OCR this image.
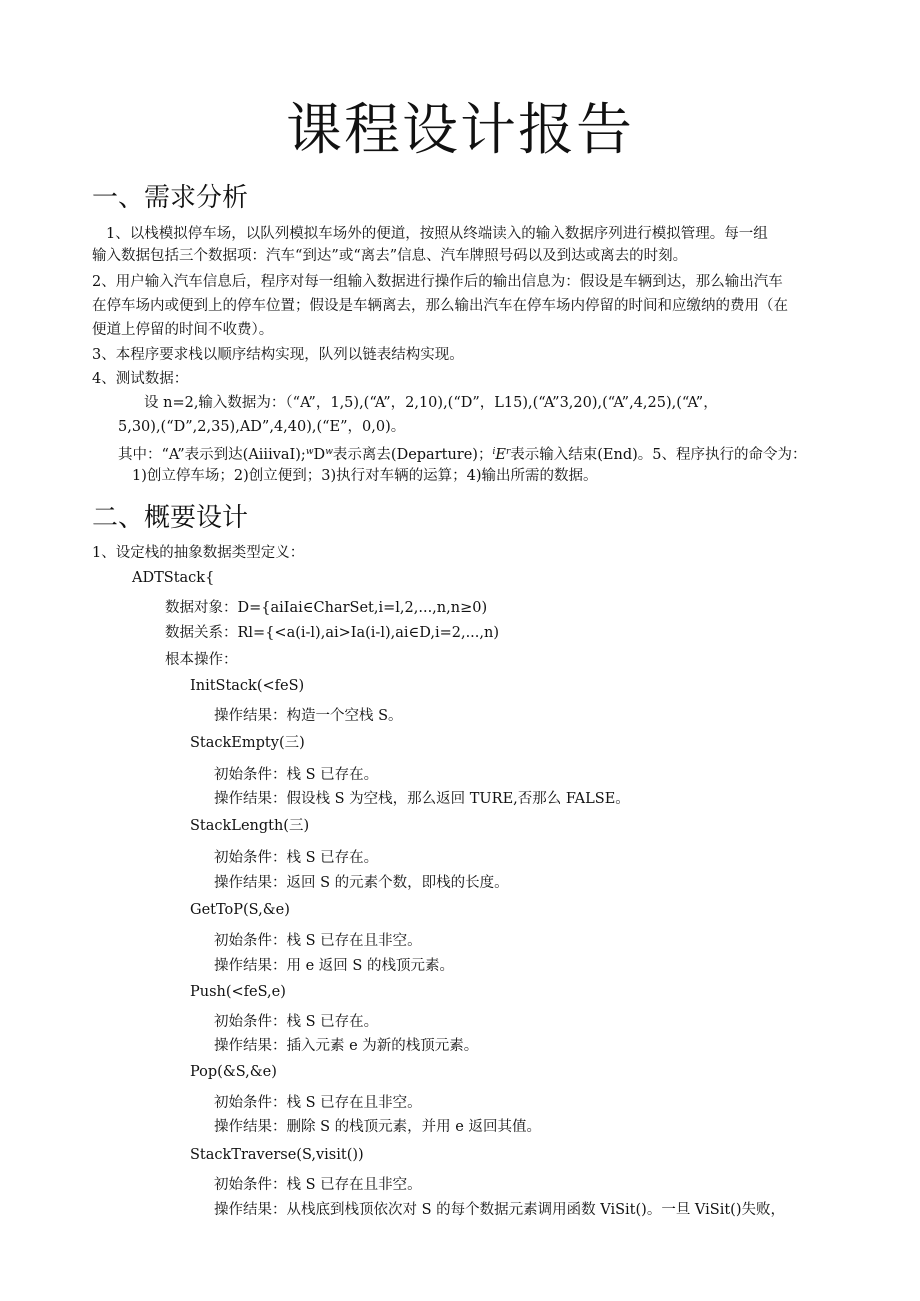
课程设计报告
一、需求分析
1、以栈模拟停车场，以队列模拟车场外的便道，按照从终端读入的输入数据序列进行模拟管理。每一组
输入数据包括三个数据项：汽车“到达”或“离去”信息、汽车牌照号码以及到达或离去的时刻。
2、用户输入汽车信息后，程序对每一组输入数据进行操作后的输出信息为：假设是车辆到达，那么输出汽车
在停车场内或便到上的停车位置；假设是车辆离去，那么输出汽车在停车场内停留的时间和应缴纳的费用（在
便道上停留的时间不收费）。
3、本程序要求栈以顺序结构实现，队列以链表结构实现。
4、测试数据：
设 n=2,输入数据为：（“A”，1,5),(“A”，2,10),(“D”，L15),(“A”3,20),(“A”,4,25),(“A”，
5,30),(“D”,2,35),AD”,4,40),(“E”，0,0)。
其中：“A”表示到达$(AiiivaI);^wD^w$表示离去(Departure)；$^iE^r$表示输入结束(End)。5、程序执行的命令为：
1)创立停车场；2)创立便到；3)执行对车辆的运算；4)输出所需的数据。
二、概要设计
1、设定栈的抽象数据类型定义：
ADTStack{
数据对象：D={aiIai∈CharSet,i=l,2,...,n,n≥0)
数据关系：Rl={<a(i-l),ai>Ia(i-l),ai∈D,i=2,...,n)
根本操作：
InitStack(<feS)
操作结果：构造一个空栈 S。
StackEmpty(三)
初始条件：栈 S 已存在。
操作结果：假设栈 S 为空栈，那么返回 TURE,否那么 FALSE。
StackLength(三)
初始条件：栈 S 已存在。
操作结果：返回 S 的元素个数，即栈的长度。
GetToP(S,&e)
初始条件：栈 S 已存在且非空。
操作结果：用 e 返回 S 的栈顶元素。
Push(<feS,e)
初始条件：栈 S 已存在。
操作结果：插入元素 e 为新的栈顶元素。
Pop(&S,&e)
初始条件：栈 S 已存在且非空。
操作结果：删除 S 的栈顶元素，并用 e 返回其值。
StackTraverse(S,visit())
初始条件：栈 S 已存在且非空。
操作结果：从栈底到栈顶依次对 S 的每个数据元素调用函数 ViSit()。一旦 ViSit()失败，
